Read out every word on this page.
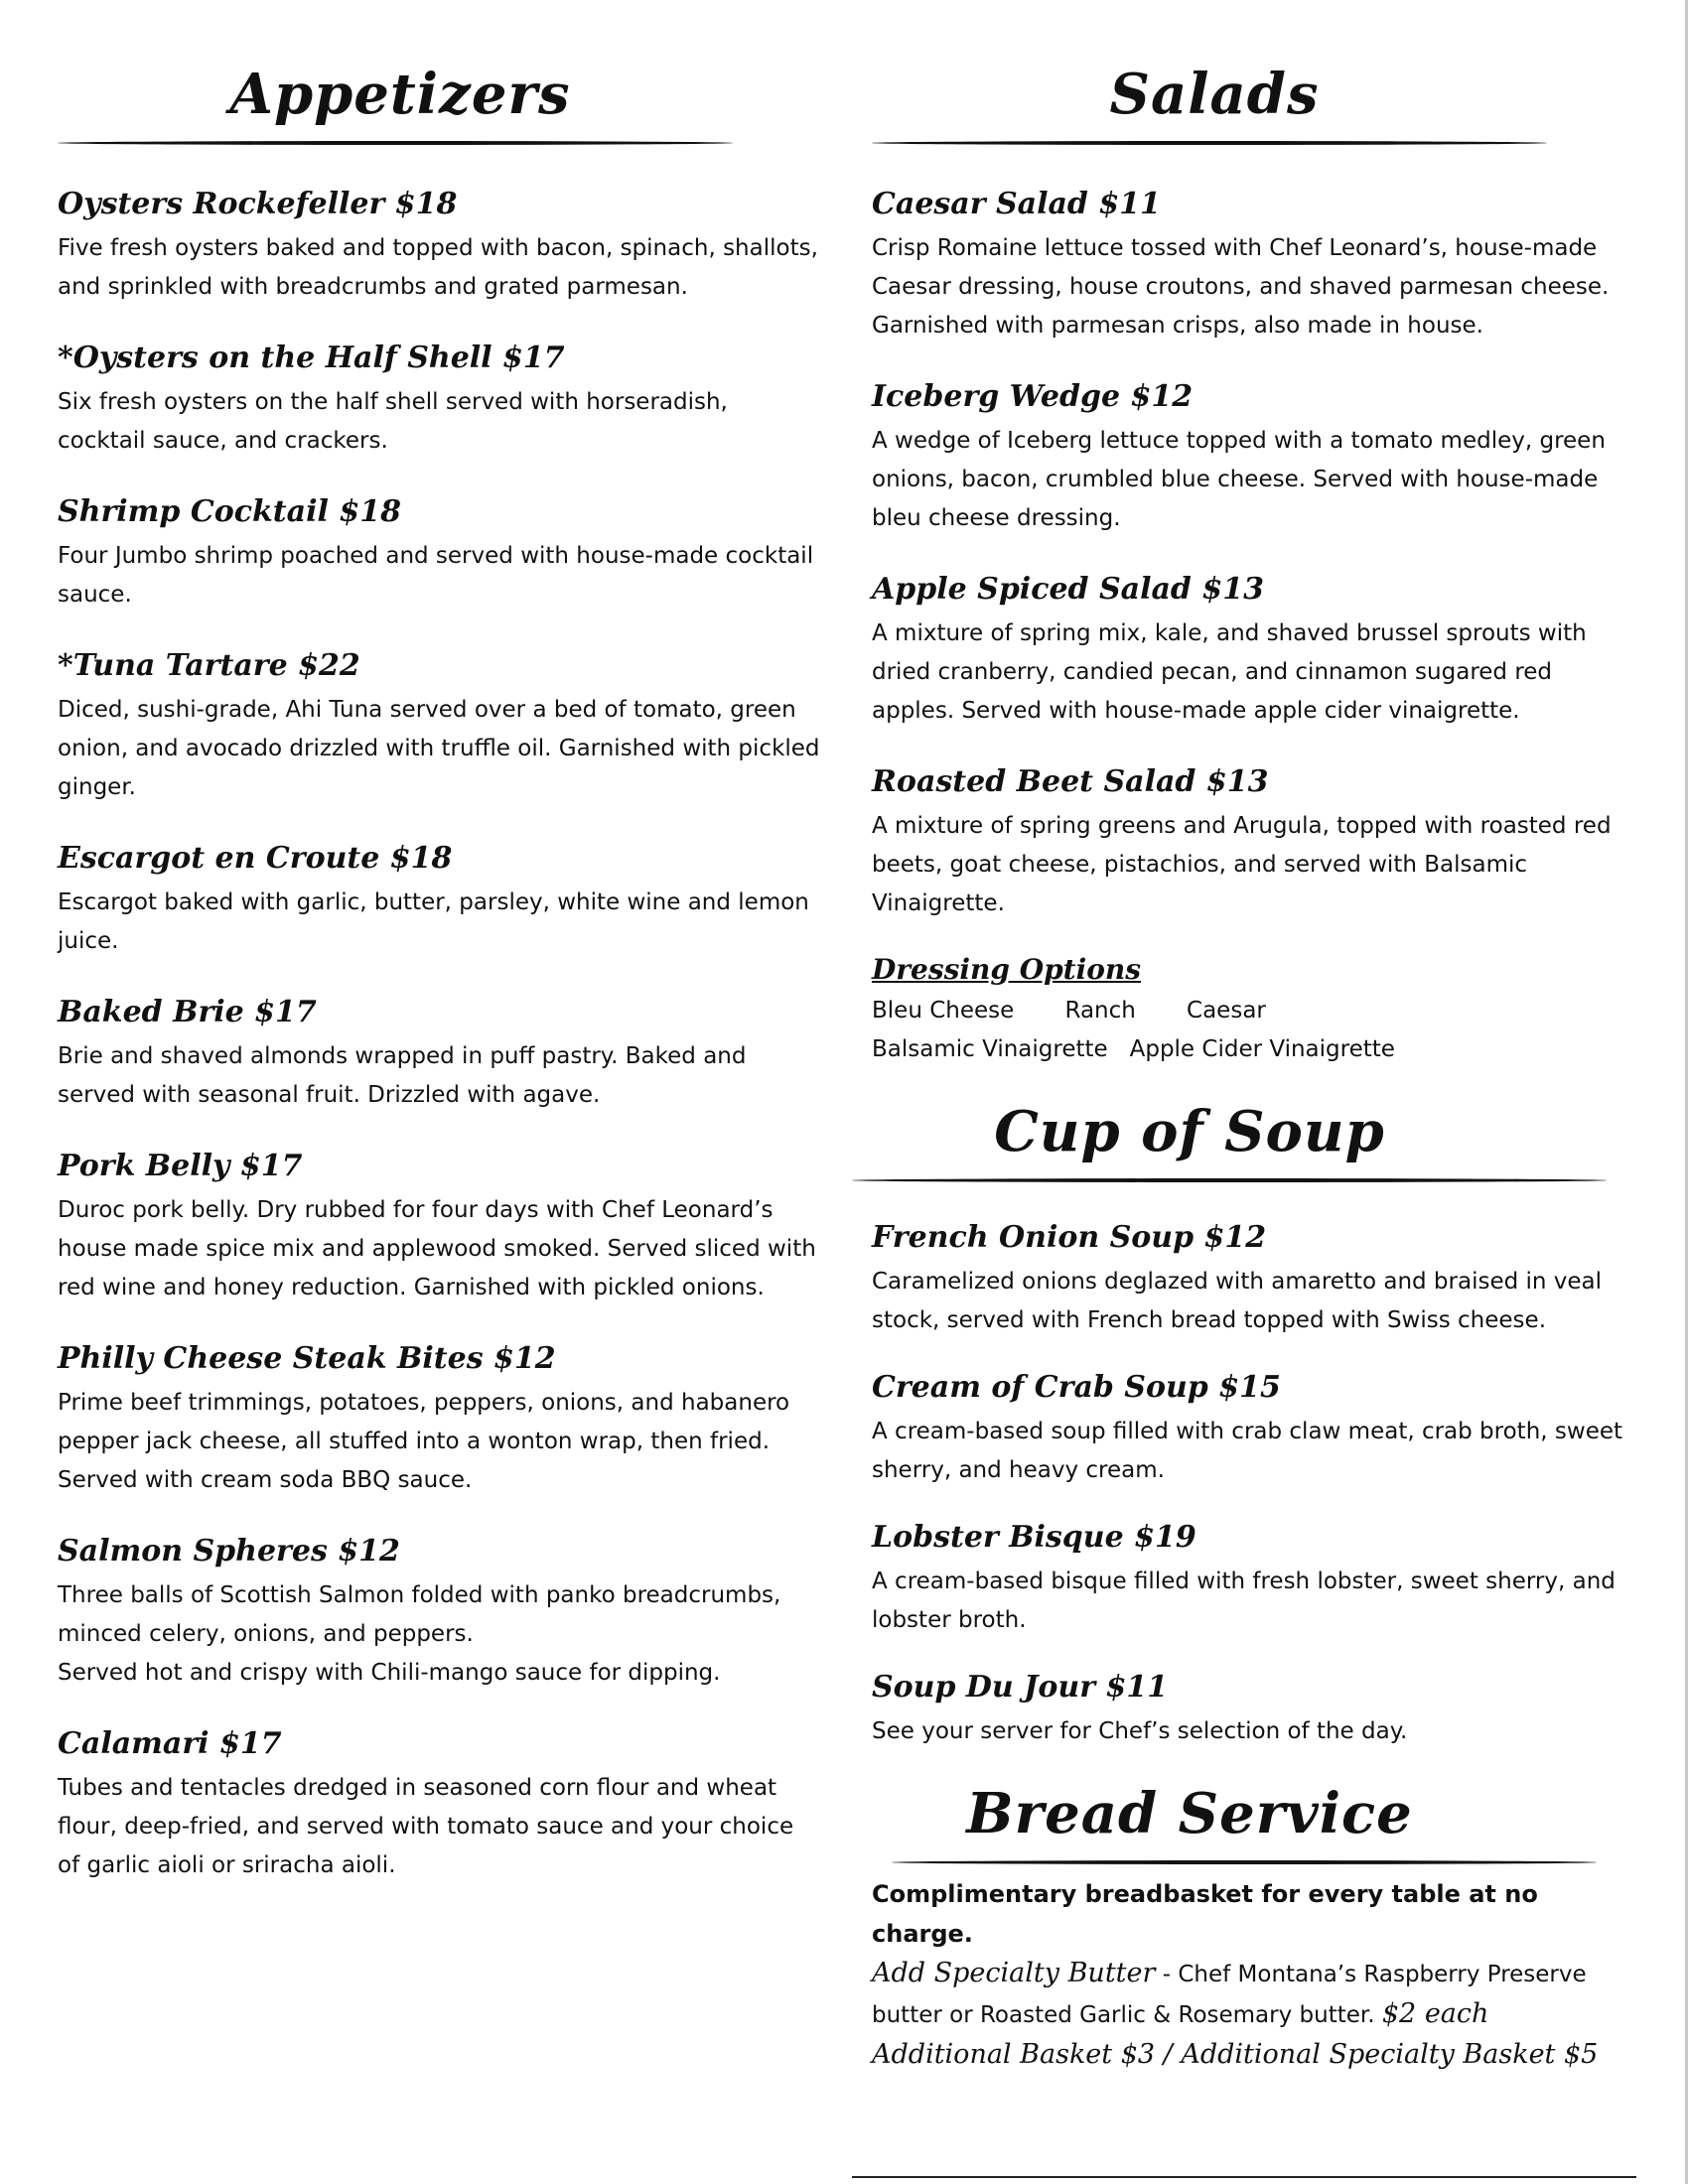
Appetizers
Oysters Rockefeller $18

Five fresh oysters baked and topped with bacon, spinach, shallots, and sprinkled with breadcrumbs and grated parmesan.

*Oysters on the Half Shell $17

Six fresh oysters on the half shell served with horseradish, cocktail sauce, and crackers.

Shrimp Cocktail $18

Four Jumbo shrimp poached and served with house-made cocktail sauce.

*Tuna Tartare $22

Diced, sushi-grade, Ahi Tuna served over a bed of tomato, green onion, and avocado drizzled with truffle oil. Garnished with pickled ginger.

Escargot en Croute $18

Escargot baked with garlic, butter, parsley, white wine and lemon juice.

Baked Brie $17

Brie and shaved almonds wrapped in puff pastry. Baked and served with seasonal fruit. Drizzled with agave.

Pork Belly $17

Duroc pork belly. Dry rubbed for four days with Chef Leonard’s house made spice mix and applewood smoked. Served sliced with red wine and honey reduction. Garnished with pickled onions.

Philly Cheese Steak Bites $12

Prime beef trimmings, potatoes, peppers, onions, and habanero pepper jack cheese, all stuffed into a wonton wrap, then fried. Served with cream soda BBQ sauce.

Salmon Spheres $12

Three balls of Scottish Salmon folded with panko breadcrumbs, minced celery, onions, and peppers.

Served hot and crispy with Chili-mango sauce for dipping.

Calamari $17

Tubes and tentacles dredged in seasoned corn flour and wheat flour, deep-fried, and served with tomato sauce and your choice of garlic aioli or sriracha aioli.

Salads
Caesar Salad $11

Crisp Romaine lettuce tossed with Chef Leonard’s, house-made Caesar dressing, house croutons, and shaved parmesan cheese. Garnished with parmesan crisps, also made in house.

Iceberg Wedge $12

A wedge of Iceberg lettuce topped with a tomato medley, green onions, bacon, crumbled blue cheese. Served with house-made bleu cheese dressing.

Apple Spiced Salad $13

A mixture of spring mix, kale, and shaved brussel sprouts with dried cranberry, candied pecan, and cinnamon sugared red apples. Served with house-made apple cider vinaigrette.

Roasted Beet Salad $13

A mixture of spring greens and Arugula, topped with roasted red beets, goat cheese, pistachios, and served with Balsamic Vinaigrette.

Dressing Options

Bleu Cheese Ranch Caesar

Balsamic Vinaigrette Apple Cider Vinaigrette

Cup of Soup
French Onion Soup $12

Caramelized onions deglazed with amaretto and braised in veal stock, served with French bread topped with Swiss cheese.

Cream of Crab Soup $15

A cream-based soup filled with crab claw meat, crab broth, sweet sherry, and heavy cream.

Lobster Bisque $19

A cream-based bisque filled with fresh lobster, sweet sherry, and lobster broth.

Soup Du Jour $11

See your server for Chef’s selection of the day.

Bread Service

Complimentary breadbasket for every table at no charge.

Add Specialty Butter - Chef Montana’s Raspberry Preserve butter or Roasted Garlic & Rosemary butter. $2 each

Additional Basket $3 / Additional Specialty Basket $5
